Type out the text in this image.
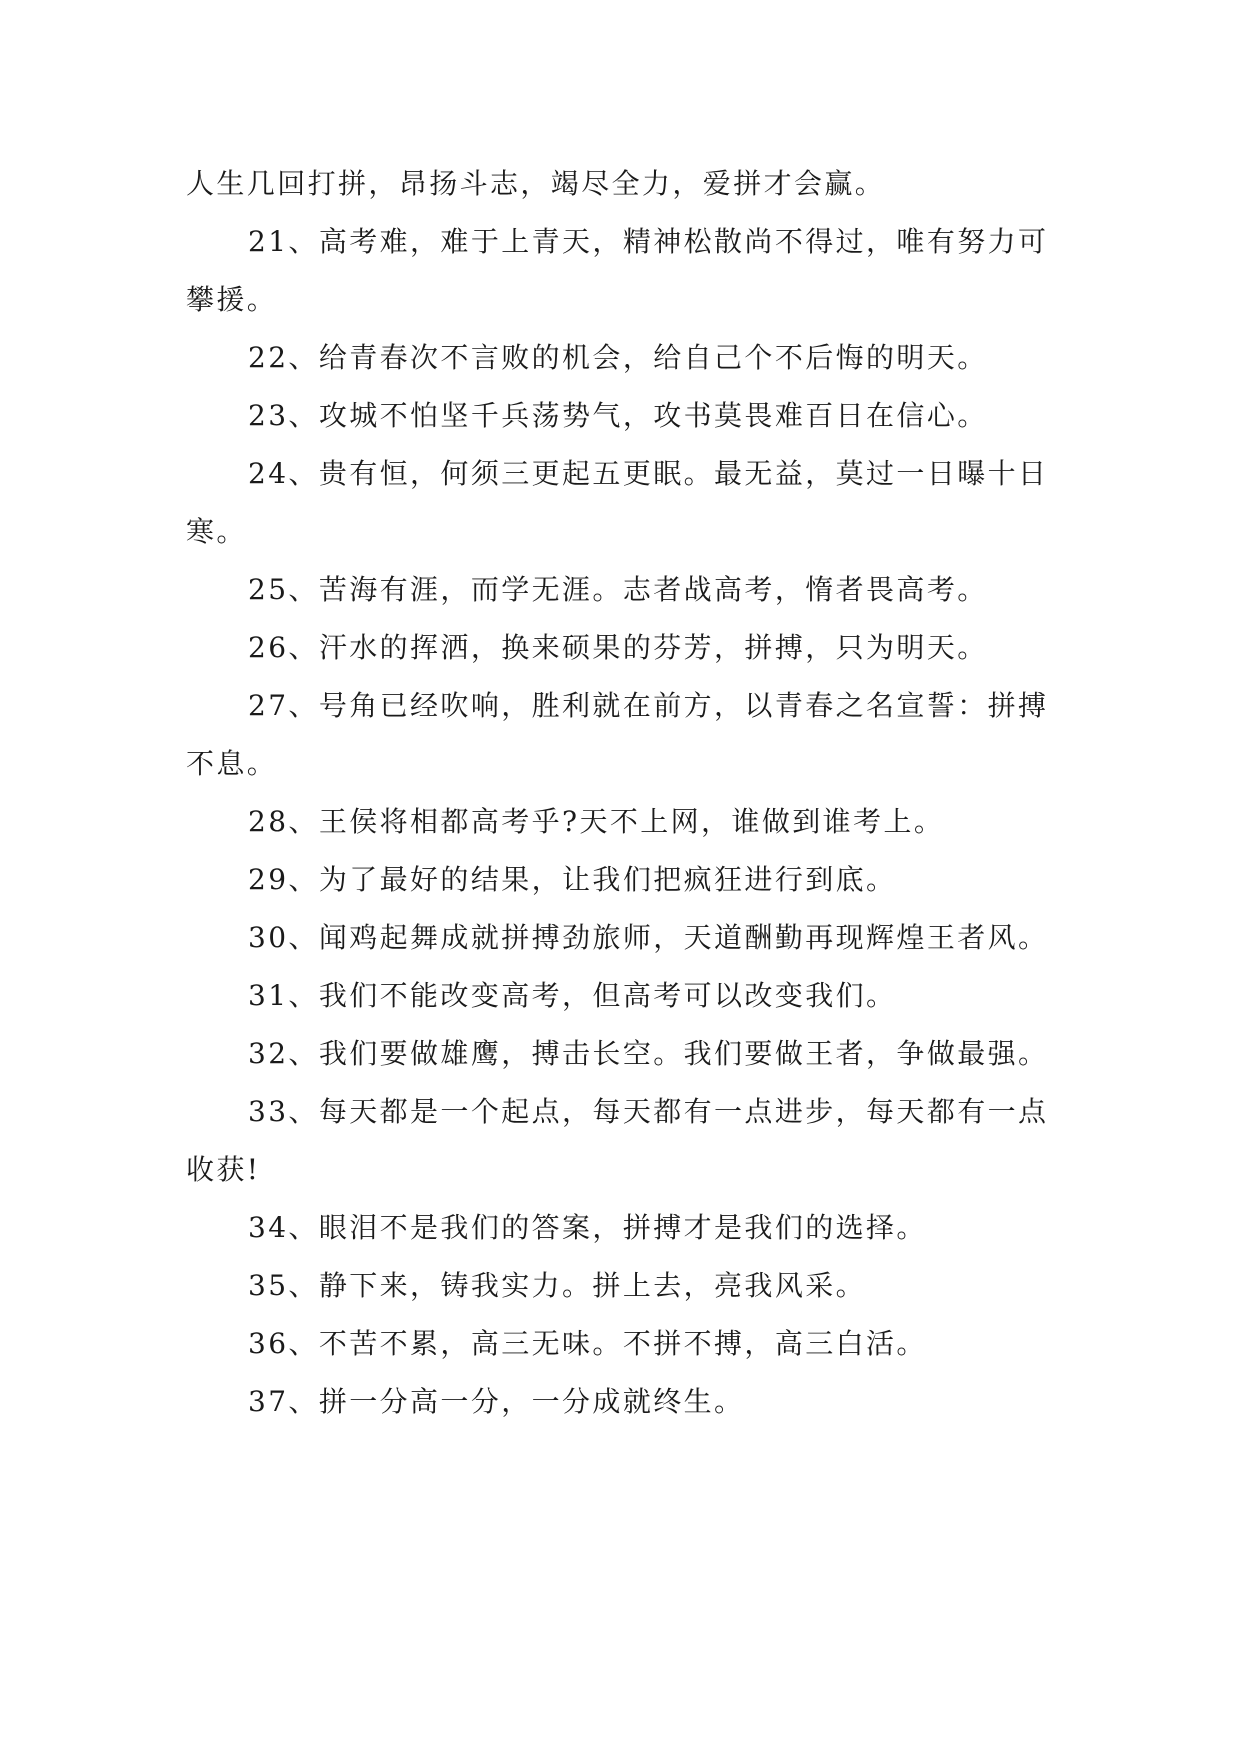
人生几回打拼，昂扬斗志，竭尽全力，爱拼才会赢。

21、高考难，难于上青天，精神松散尚不得过，唯有努力可攀援。

22、给青春次不言败的机会，给自己个不后悔的明天。

23、攻城不怕坚千兵荡势气，攻书莫畏难百日在信心。

24、贵有恒，何须三更起五更眠。最无益，莫过一日曝十日寒。

25、苦海有涯，而学无涯。志者战高考，惰者畏高考。

26、汗水的挥洒，换来硕果的芬芳，拼搏，只为明天。

27、号角已经吹响，胜利就在前方，以青春之名宣誓：拼搏不息。

28、王侯将相都高考乎?天不上网，谁做到谁考上。

29、为了最好的结果，让我们把疯狂进行到底。

30、闻鸡起舞成就拼搏劲旅师，天道酬勤再现辉煌王者风。

31、我们不能改变高考，但高考可以改变我们。

32、我们要做雄鹰，搏击长空。我们要做王者，争做最强。

33、每天都是一个起点，每天都有一点进步，每天都有一点收获!

34、眼泪不是我们的答案，拼搏才是我们的选择。

35、静下来，铸我实力。拼上去，亮我风采。

36、不苦不累，高三无味。不拼不搏，高三白活。

37、拼一分高一分，一分成就终生。
